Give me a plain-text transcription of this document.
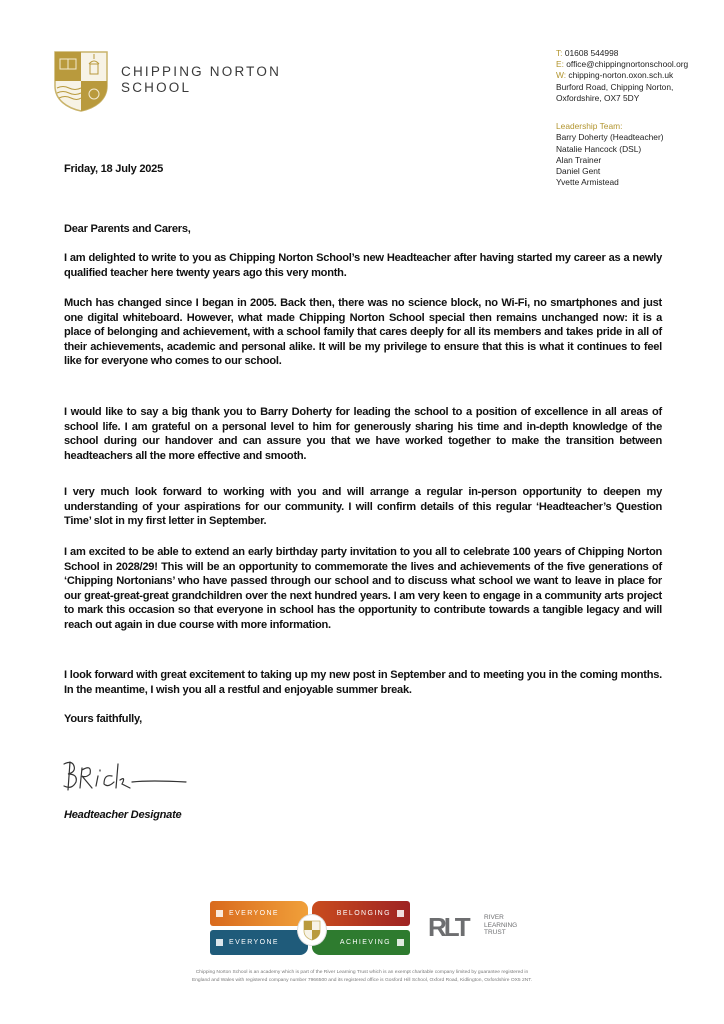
CHIPPING NORTON
SCHOOL
T: 01608 544998
E: office@chippingnortonschool.org
W: chipping-norton.oxon.sch.uk
Burford Road, Chipping Norton,
Oxfordshire, OX7 5DY
Leadership Team:
Barry Doherty (Headteacher)
Natalie Hancock (DSL)
Alan Trainer
Daniel Gent
Yvette Armistead
Friday, 18 July 2025
Dear Parents and Carers,
I am delighted to write to you as Chipping Norton School’s new Headteacher after having started my career as a newly qualified teacher here twenty years ago this very month.
Much has changed since I began in 2005. Back then, there was no science block, no Wi-Fi, no smartphones and just one digital whiteboard. However, what made Chipping Norton School special then remains unchanged now: it is a place of belonging and achievement, with a school family that cares deeply for all its members and takes pride in all of their achievements, academic and personal alike. It will be my privilege to ensure that this is what it continues to feel like for everyone who comes to our school.
I would like to say a big thank you to Barry Doherty for leading the school to a position of excellence in all areas of school life. I am grateful on a personal level to him for generously sharing his time and in-depth knowledge of the school during our handover and can assure you that we have worked together to make the transition between headteachers all the more effective and smooth.
I very much look forward to working with you and will arrange a regular in-person opportunity to deepen my understanding of your aspirations for our community. I will confirm details of this regular ‘Headteacher’s Question Time’ slot in my first letter in September.
I am excited to be able to extend an early birthday party invitation to you all to celebrate 100 years of Chipping Norton School in 2028/29! This will be an opportunity to commemorate the lives and achievements of the five generations of ‘Chipping Nortonians’ who have passed through our school and to discuss what school we want to leave in place for our great-great-great grandchildren over the next hundred years. I am very keen to engage in a community arts project to mark this occasion so that everyone in school has the opportunity to contribute towards a tangible legacy and will reach out again in due course with more information.
I look forward with great excitement to taking up my new post in September and to meeting you in the coming months. In the meantime, I wish you all a restful and enjoyable summer break.
Yours faithfully,
Headteacher Designate
EVERYONE	BELONGING
EVERYONE	ACHIEVING
RLT	RIVER
LEARNING
TRUST
Chipping Norton School is an academy which is part of the River Learning Trust which is an exempt charitable company limited by guarantee registered in
England and Wales with registered company number 7966500 and its registered office is Gosford Hill School, Oxford Road, Kidlington, Oxfordshire OX5 2NT.
